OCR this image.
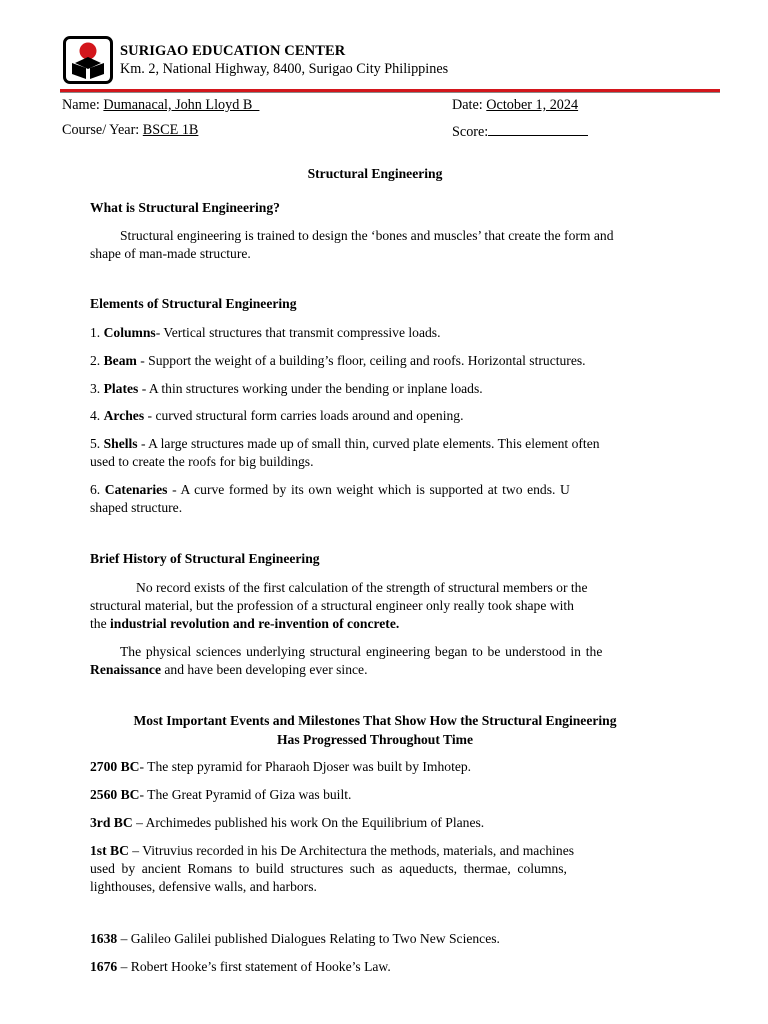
SURIGAO EDUCATION CENTER
Km. 2, National Highway, 8400, Surigao City Philippines
Name: Dumanacal, John Lloyd B	Date: October 1, 2024
Course/ Year: BSCE 1B	Score:
Structural Engineering
What is Structural Engineering?
Structural engineering is trained to design the ‘bones and muscles’ that create the form and
shape of man-made structure.
Elements of Structural Engineering
1. Columns- Vertical structures that transmit compressive loads.
2. Beam - Support the weight of a building’s floor, ceiling and roofs. Horizontal structures.
3. Plates - A thin structures working under the bending or inplane loads.
4. Arches - curved structural form carries loads around and opening.
5. Shells - A large structures made up of small thin, curved plate elements. This element often
used to create the roofs for big buildings.
6. Catenaries - A curve formed by its own weight which is supported at two ends. U
shaped structure.
Brief History of Structural Engineering
No record exists of the first calculation of the strength of structural members or the
structural material, but the profession of a structural engineer only really took shape with
the industrial revolution and re-invention of concrete.
The physical sciences underlying structural engineering began to be understood in the
Renaissance and have been developing ever since.
Most Important Events and Milestones That Show How the Structural Engineering
Has Progressed Throughout Time
2700 BC- The step pyramid for Pharaoh Djoser was built by Imhotep.
2560 BC- The Great Pyramid of Giza was built.
3rd BC – Archimedes published his work On the Equilibrium of Planes.
1st BC – Vitruvius recorded in his De Architectura the methods, materials, and machines
used by ancient Romans to build structures such as aqueducts, thermae, columns,
lighthouses, defensive walls, and harbors.
1638 – Galileo Galilei published Dialogues Relating to Two New Sciences.
1676 – Robert Hooke’s first statement of Hooke’s Law.
